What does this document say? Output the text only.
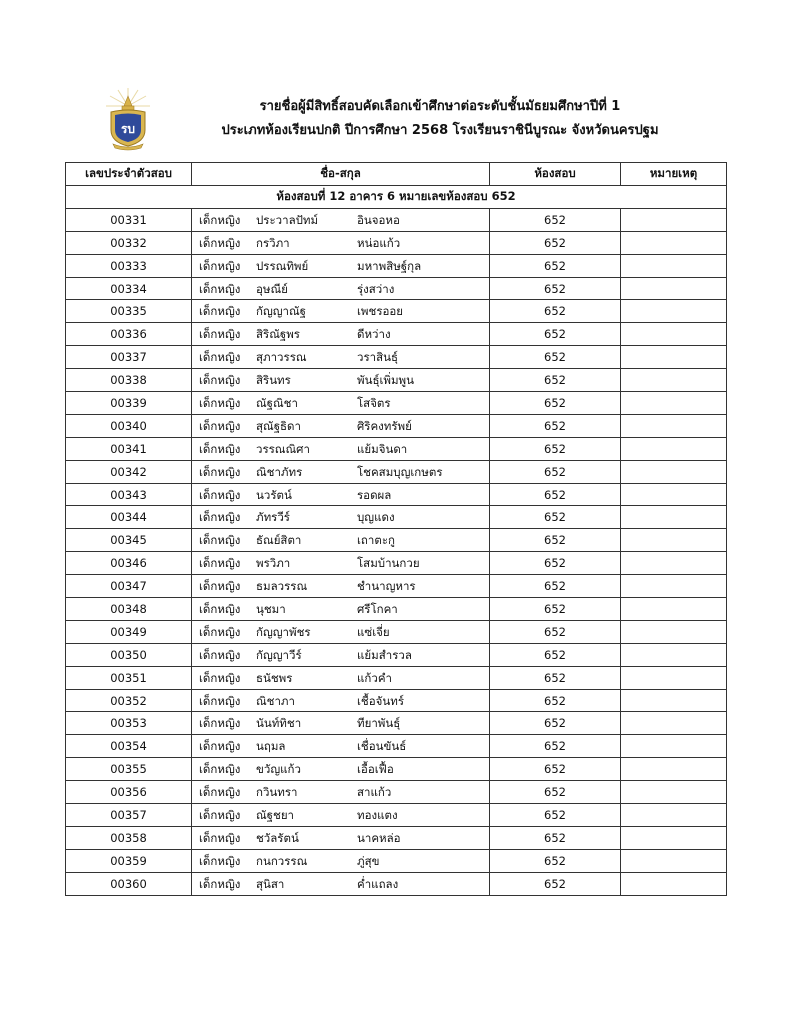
รบ
รายชื่อผู้มีสิทธิ์สอบคัดเลือกเข้าศึกษาต่อระดับชั้นมัธยมศึกษาปีที่ 1
ประเภทห้องเรียนปกติ ปีการศึกษา 2568 โรงเรียนราชินีบูรณะ จังหวัดนครปฐม
เลขประจำตัวสอบ	ชื่อ-สกุล	ห้องสอบ	หมายเหตุ
ห้องสอบที่ 12 อาคาร 6 หมายเลขห้องสอบ 652			
00331	เด็กหญิง ประวาลปัทม์ อินจอหอ	652	
00332	เด็กหญิง กรวิภา หน่อแก้ว	652	
00333	เด็กหญิง ปรรณทิพย์ มหาพสิษฐ์กุล	652	
00334	เด็กหญิง อุษณีย์ รุ่งสว่าง	652	
00335	เด็กหญิง กัญญาณัฐ เพชรออย	652	
00336	เด็กหญิง สิริณัฐพร ดีหว่าง	652	
00337	เด็กหญิง สุภาวรรณ วราสินธุ์	652	
00338	เด็กหญิง สิรินทร พันธุ์เพิ่มพูน	652	
00339	เด็กหญิง ณัฐณิชา โสจิตร	652	
00340	เด็กหญิง สุณัฐธิดา ศิริคงทรัพย์	652	
00341	เด็กหญิง วรรณณิศา แย้มจินดา	652	
00342	เด็กหญิง ณิชาภัทร โชคสมบุญเกษตร	652	
00343	เด็กหญิง นวรัตน์ รอดผล	652	
00344	เด็กหญิง ภัทรวีร์ บุญแดง	652	
00345	เด็กหญิง ธัณย์สิตา เถาตะกู	652	
00346	เด็กหญิง พรวิภา โสมบ้านกวย	652	
00347	เด็กหญิง ธมลวรรณ ชำนาญหาร	652	
00348	เด็กหญิง นุชมา ศรีโกคา	652	
00349	เด็กหญิง กัญญาพัชร แซ่เจี่ย	652	
00350	เด็กหญิง กัญญาวีร์ แย้มสำรวล	652	
00351	เด็กหญิง ธนัชพร แก้วคำ	652	
00352	เด็กหญิง ณิชาภา เชื้อจันทร์	652	
00353	เด็กหญิง นันท์ทิชา ทียาพันธุ์	652	
00354	เด็กหญิง นฤมล เชื่อนขันธ์	652	
00355	เด็กหญิง ขวัญแก้ว เอื้อเฟื้อ	652	
00356	เด็กหญิง กวินทรา สาแก้ว	652	
00357	เด็กหญิง ณัฐชยา ทองแตง	652	
00358	เด็กหญิง ชวัลรัตน์ นาคหล่อ	652	
00359	เด็กหญิง กนกวรรณ ภู่สุข	652	
00360	เด็กหญิง สุนิสา ค่ำแถลง	652	
